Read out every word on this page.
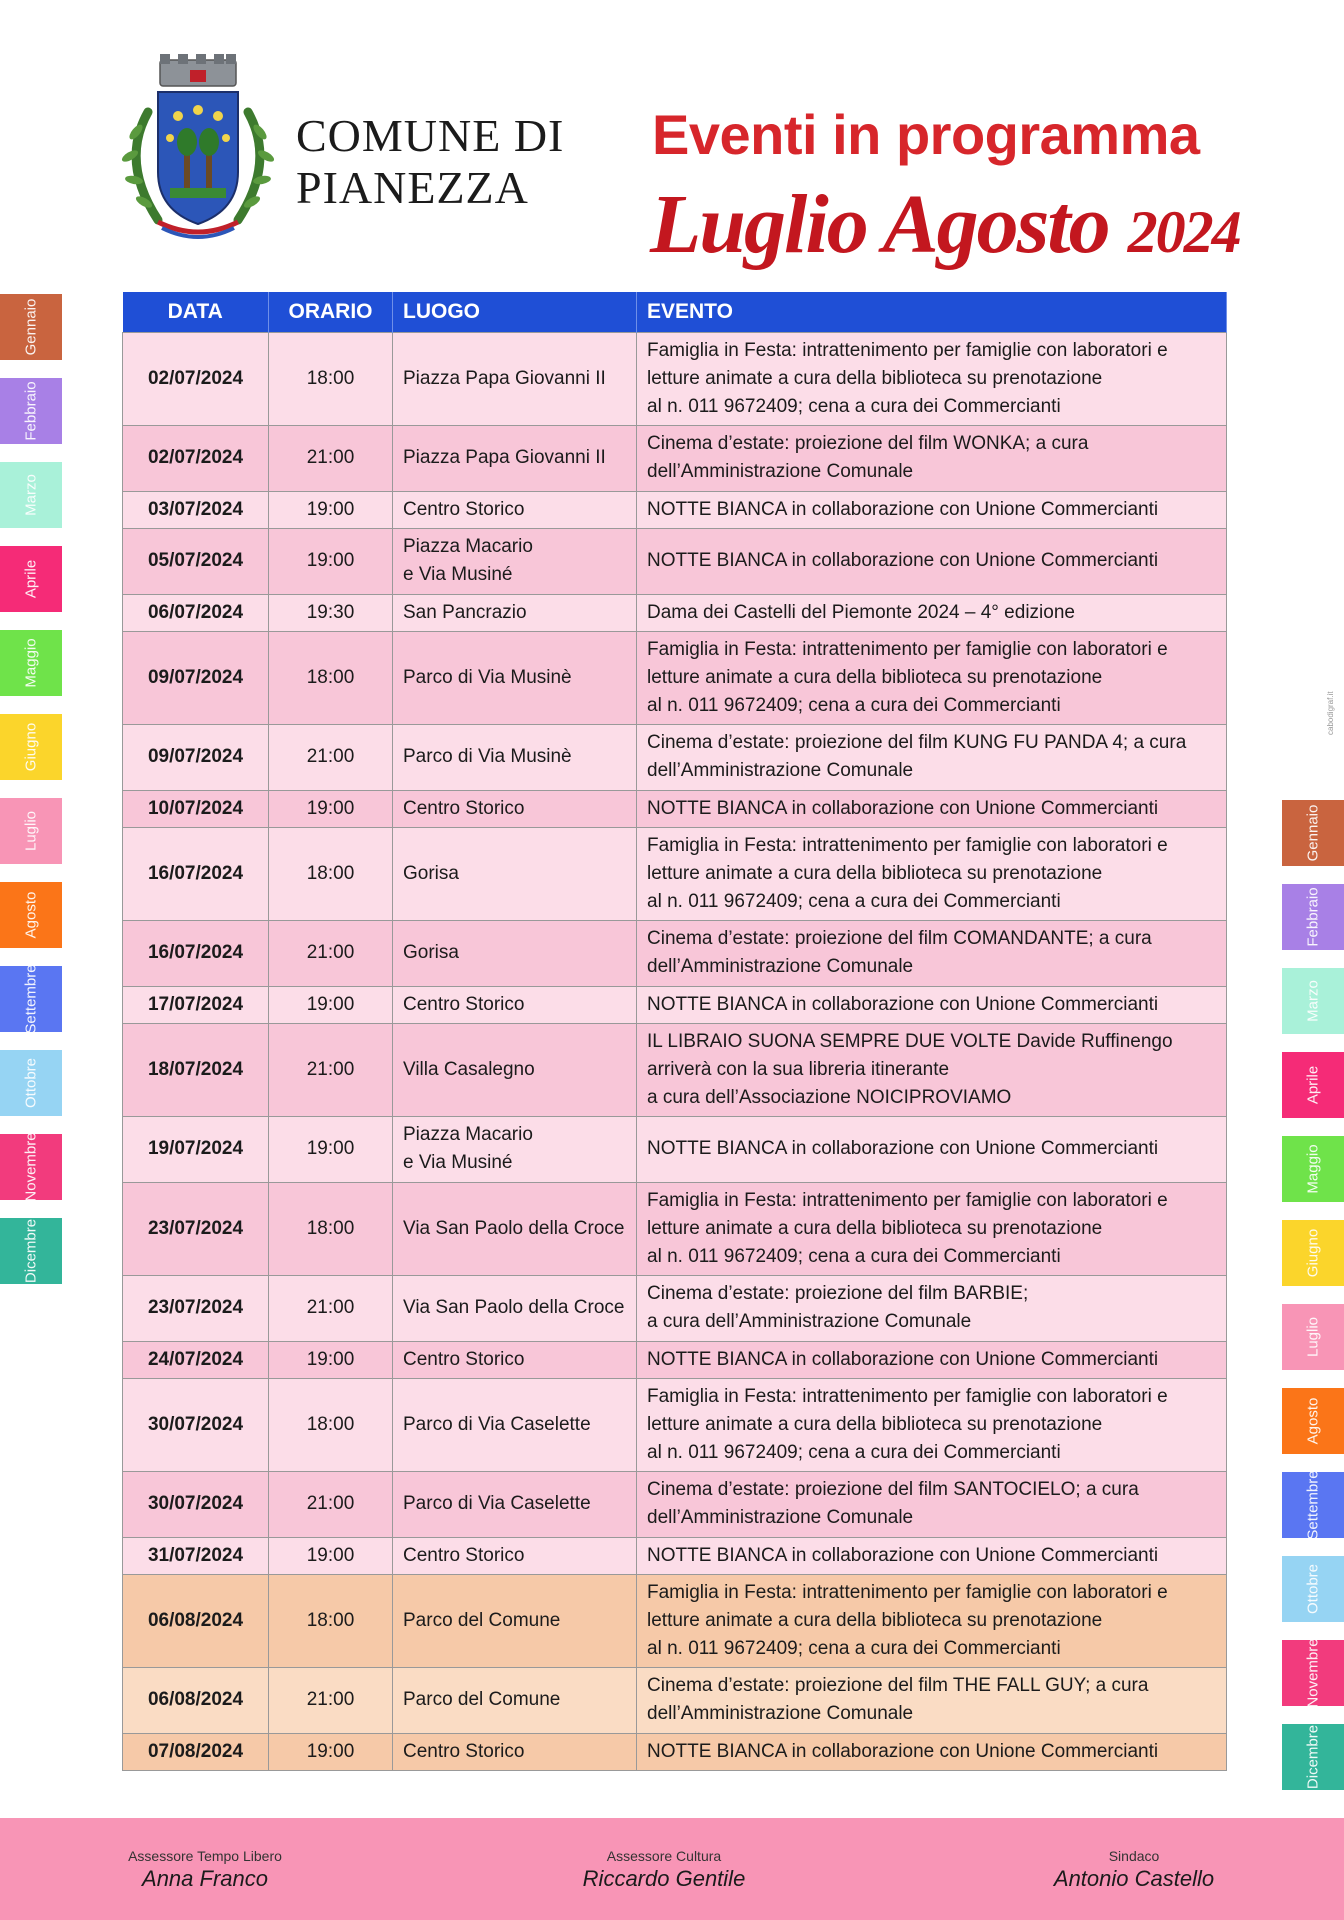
COMUNE DI
PIANEZZA
Eventi in programma
Luglio Agosto 2024
cabodigraf.it
Gennaio
Febbraio
Marzo
Aprile
Maggio
Giugno
Luglio
Agosto
Settembre
Ottobre
Novembre
Dicembre
Gennaio
Febbraio
Marzo
Aprile
Maggio
Giugno
Luglio
Agosto
Settembre
Ottobre
Novembre
Dicembre
DATA	ORARIO	LUOGO	EVENTO
02/07/2024	18:00	Piazza Papa Giovanni II	Famiglia in Festa: intrattenimento per famiglie con laboratori e
letture animate a cura della biblioteca su prenotazione
al n. 011 9672409; cena a cura dei Commercianti

02/07/2024	21:00	Piazza Papa Giovanni II	Cinema d’estate: proiezione del film WONKA; a cura
dell’Amministrazione Comunale

03/07/2024	19:00	Centro Storico	NOTTE BIANCA in collaborazione con Unione Commercianti

05/07/2024	19:00	Piazza Macario
e Via Musiné	NOTTE BIANCA in collaborazione con Unione Commercianti

06/07/2024	19:30	San Pancrazio	Dama dei Castelli del Piemonte 2024 – 4° edizione

09/07/2024	18:00	Parco di Via Musinè	Famiglia in Festa: intrattenimento per famiglie con laboratori e
letture animate a cura della biblioteca su prenotazione
al n. 011 9672409; cena a cura dei Commercianti

09/07/2024	21:00	Parco di Via Musinè	Cinema d’estate: proiezione del film KUNG FU PANDA 4; a cura
dell’Amministrazione Comunale

10/07/2024	19:00	Centro Storico	NOTTE BIANCA in collaborazione con Unione Commercianti

16/07/2024	18:00	Gorisa	Famiglia in Festa: intrattenimento per famiglie con laboratori e
letture animate a cura della biblioteca su prenotazione
al n. 011 9672409; cena a cura dei Commercianti

16/07/2024	21:00	Gorisa	Cinema d’estate: proiezione del film COMANDANTE; a cura
dell’Amministrazione Comunale

17/07/2024	19:00	Centro Storico	NOTTE BIANCA in collaborazione con Unione Commercianti

18/07/2024	21:00	Villa Casalegno	IL LIBRAIO SUONA SEMPRE DUE VOLTE Davide Ruffinengo
arriverà con la sua libreria itinerante
a cura dell’Associazione NOICIPROVIAMO

19/07/2024	19:00	Piazza Macario
e Via Musiné	NOTTE BIANCA in collaborazione con Unione Commercianti

23/07/2024	18:00	Via San Paolo della Croce	Famiglia in Festa: intrattenimento per famiglie con laboratori e
letture animate a cura della biblioteca su prenotazione
al n. 011 9672409; cena a cura dei Commercianti

23/07/2024	21:00	Via San Paolo della Croce	Cinema d’estate: proiezione del film BARBIE;
a cura dell’Amministrazione Comunale

24/07/2024	19:00	Centro Storico	NOTTE BIANCA in collaborazione con Unione Commercianti

30/07/2024	18:00	Parco di Via Caselette	Famiglia in Festa: intrattenimento per famiglie con laboratori e
letture animate a cura della biblioteca su prenotazione
al n. 011 9672409; cena a cura dei Commercianti

30/07/2024	21:00	Parco di Via Caselette	Cinema d’estate: proiezione del film SANTOCIELO; a cura
dell’Amministrazione Comunale

31/07/2024	19:00	Centro Storico	NOTTE BIANCA in collaborazione con Unione Commercianti

06/08/2024	18:00	Parco del Comune	Famiglia in Festa: intrattenimento per famiglie con laboratori e
letture animate a cura della biblioteca su prenotazione
al n. 011 9672409; cena a cura dei Commercianti

06/08/2024	21:00	Parco del Comune	Cinema d’estate: proiezione del film THE FALL GUY; a cura
dell’Amministrazione Comunale

07/08/2024	19:00	Centro Storico	NOTTE BIANCA in collaborazione con Unione Commercianti
Assessore Tempo Libero
Anna Franco
Assessore Cultura
Riccardo Gentile
Sindaco
Antonio Castello
